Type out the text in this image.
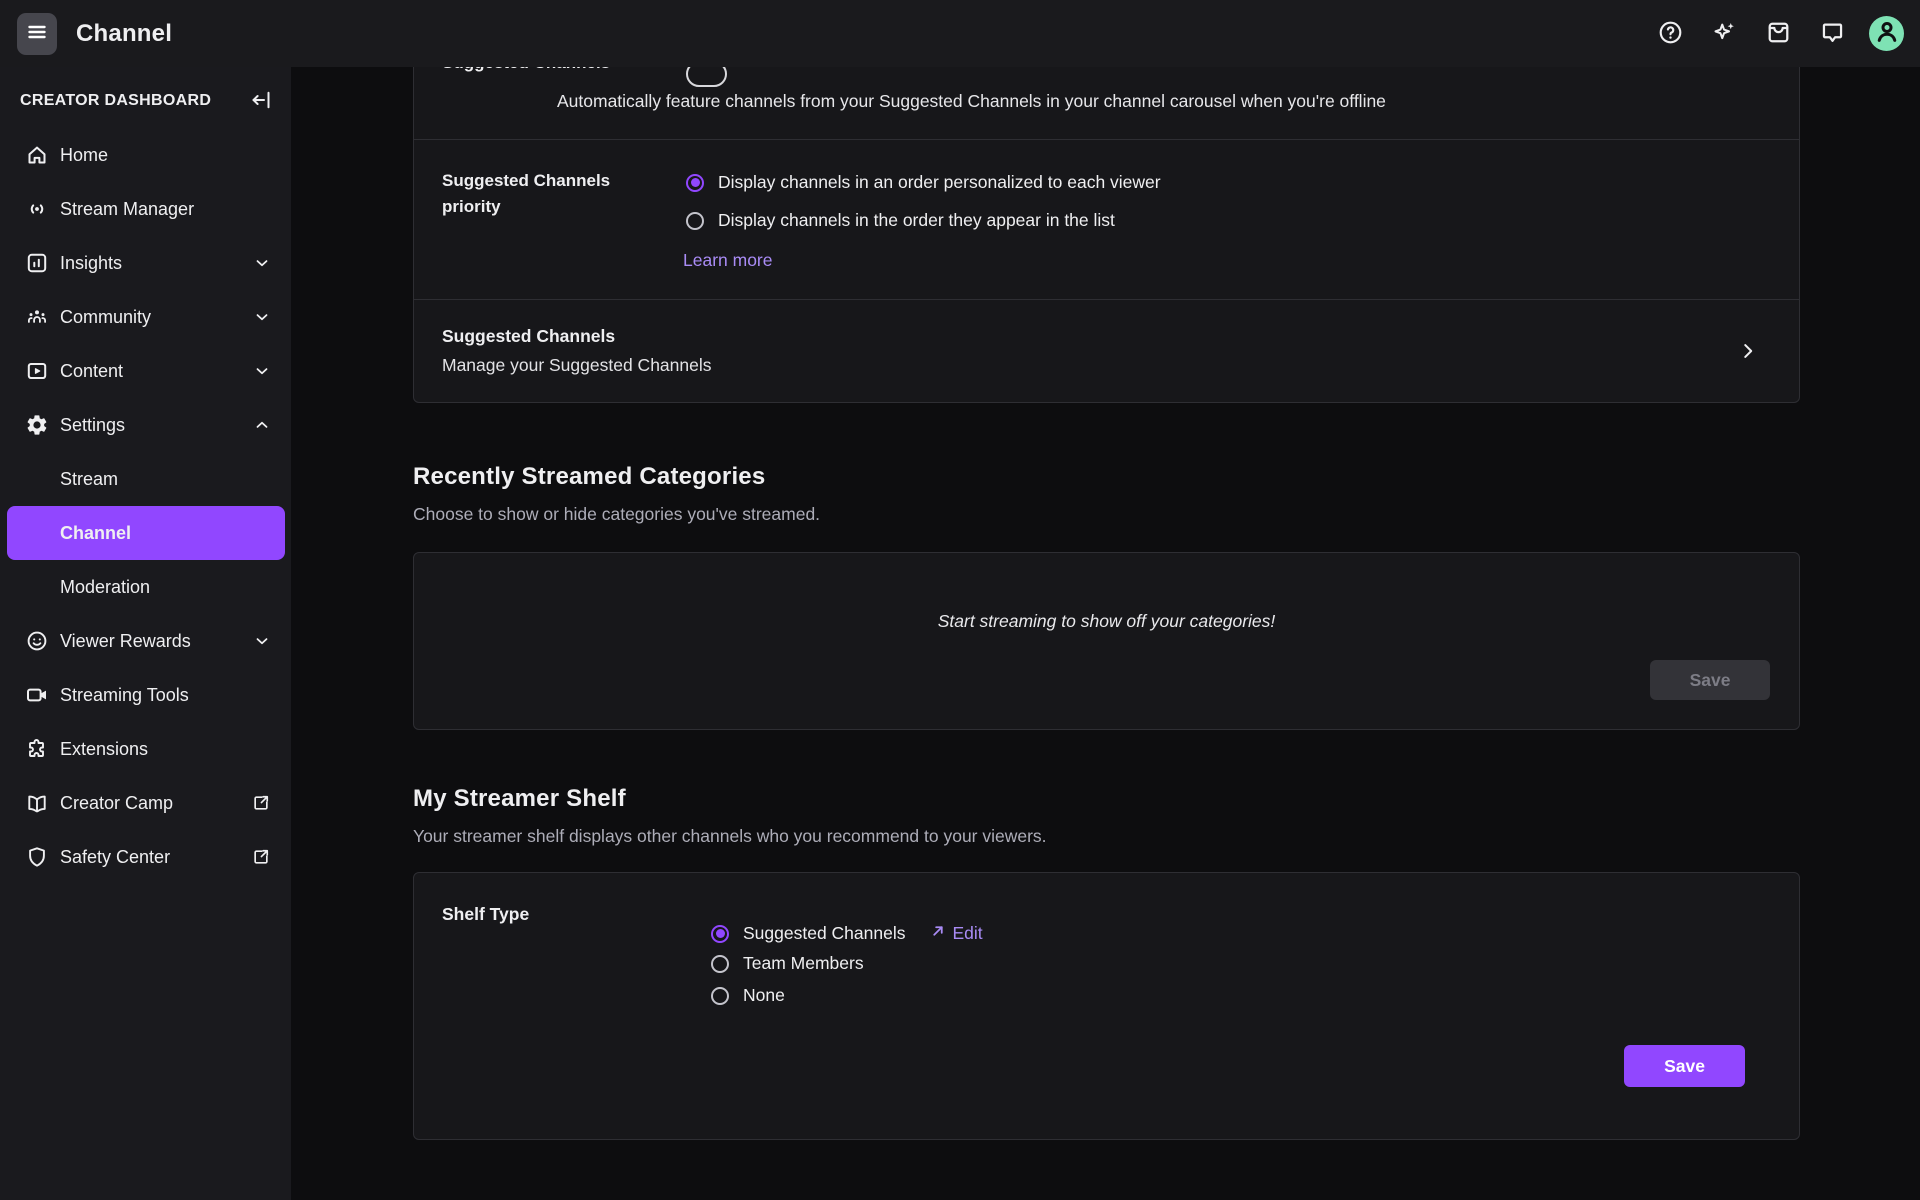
Channel
CREATOR DASHBOARD
Home
Stream Manager
Insights
Community
Content
Settings
Stream
Channel
Moderation
Viewer Rewards
Streaming Tools
Extensions
Creator Camp
Safety Center
Automatically feature channels from your Suggested Channels in your channel carousel when you're offline
Suggested Channels priority
Display channels in an order personalized to each viewer
Display channels in the order they appear in the list
Learn more
Suggested Channels
Manage your Suggested Channels
Recently Streamed Categories

Choose to show or hide categories you've streamed.

Start streaming to show off your categories!
Save
My Streamer Shelf

Your streamer shelf displays other channels who you recommend to your viewers.

Shelf Type
Suggested Channels	Edit
Team Members
None
Save
